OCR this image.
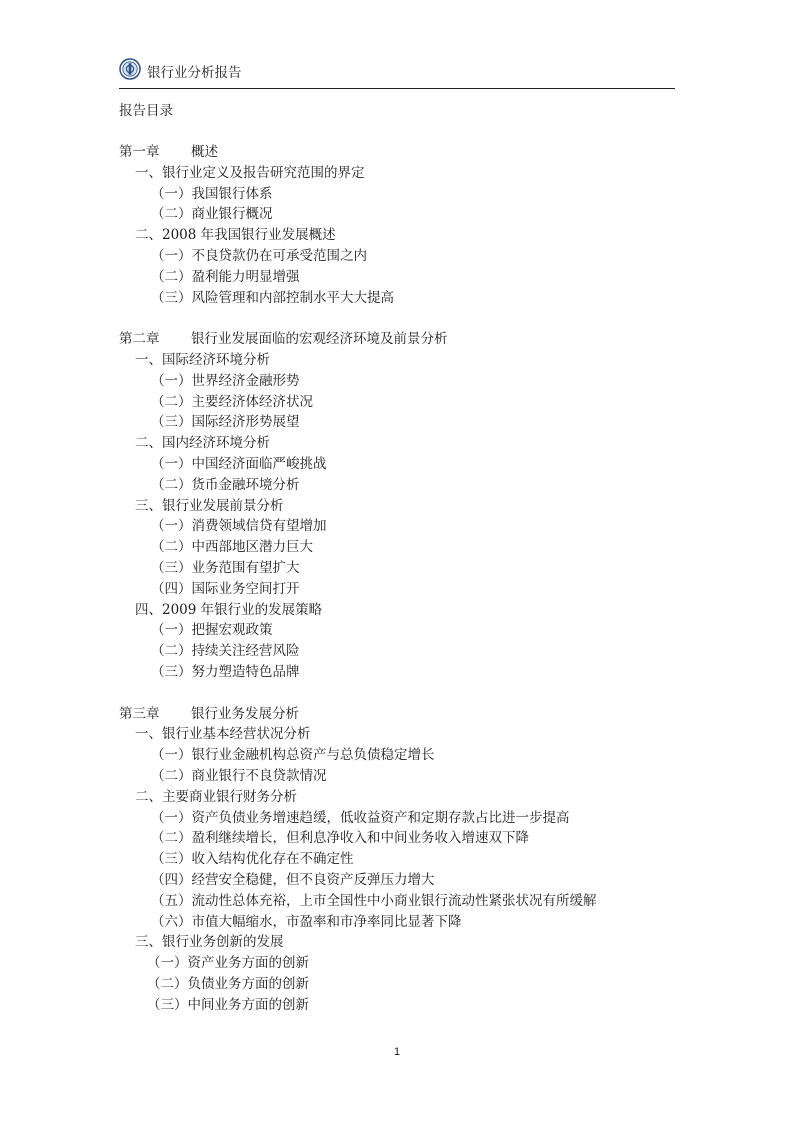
银行业分析报告
报告目录
第一章 概述
一、银行业定义及报告研究范围的界定
（一）我国银行体系
（二）商业银行概况
二、2008 年我国银行业发展概述
（一）不良贷款仍在可承受范围之内
（二）盈利能力明显增强
（三）风险管理和内部控制水平大大提高
第二章 银行业发展面临的宏观经济环境及前景分析
一、国际经济环境分析
（一）世界经济金融形势
（二）主要经济体经济状况
（三）国际经济形势展望
二、国内经济环境分析
（一）中国经济面临严峻挑战
（二）货币金融环境分析
三、银行业发展前景分析
（一）消费领域信贷有望增加
（二）中西部地区潜力巨大
（三）业务范围有望扩大
（四）国际业务空间打开
四、2009 年银行业的发展策略
（一）把握宏观政策
（二）持续关注经营风险
（三）努力塑造特色品牌
第三章 银行业务发展分析
一、银行业基本经营状况分析
（一）银行业金融机构总资产与总负债稳定增长
（二）商业银行不良贷款情况
二、主要商业银行财务分析
（一）资产负债业务增速趋缓，低收益资产和定期存款占比进一步提高
（二）盈利继续增长，但利息净收入和中间业务收入增速双下降
（三）收入结构优化存在不确定性
（四）经营安全稳健，但不良资产反弹压力增大
（五）流动性总体充裕，上市全国性中小商业银行流动性紧张状况有所缓解
（六）市值大幅缩水，市盈率和市净率同比显著下降
三、银行业务创新的发展
（一）资产业务方面的创新
（二）负债业务方面的创新
（三）中间业务方面的创新
1
